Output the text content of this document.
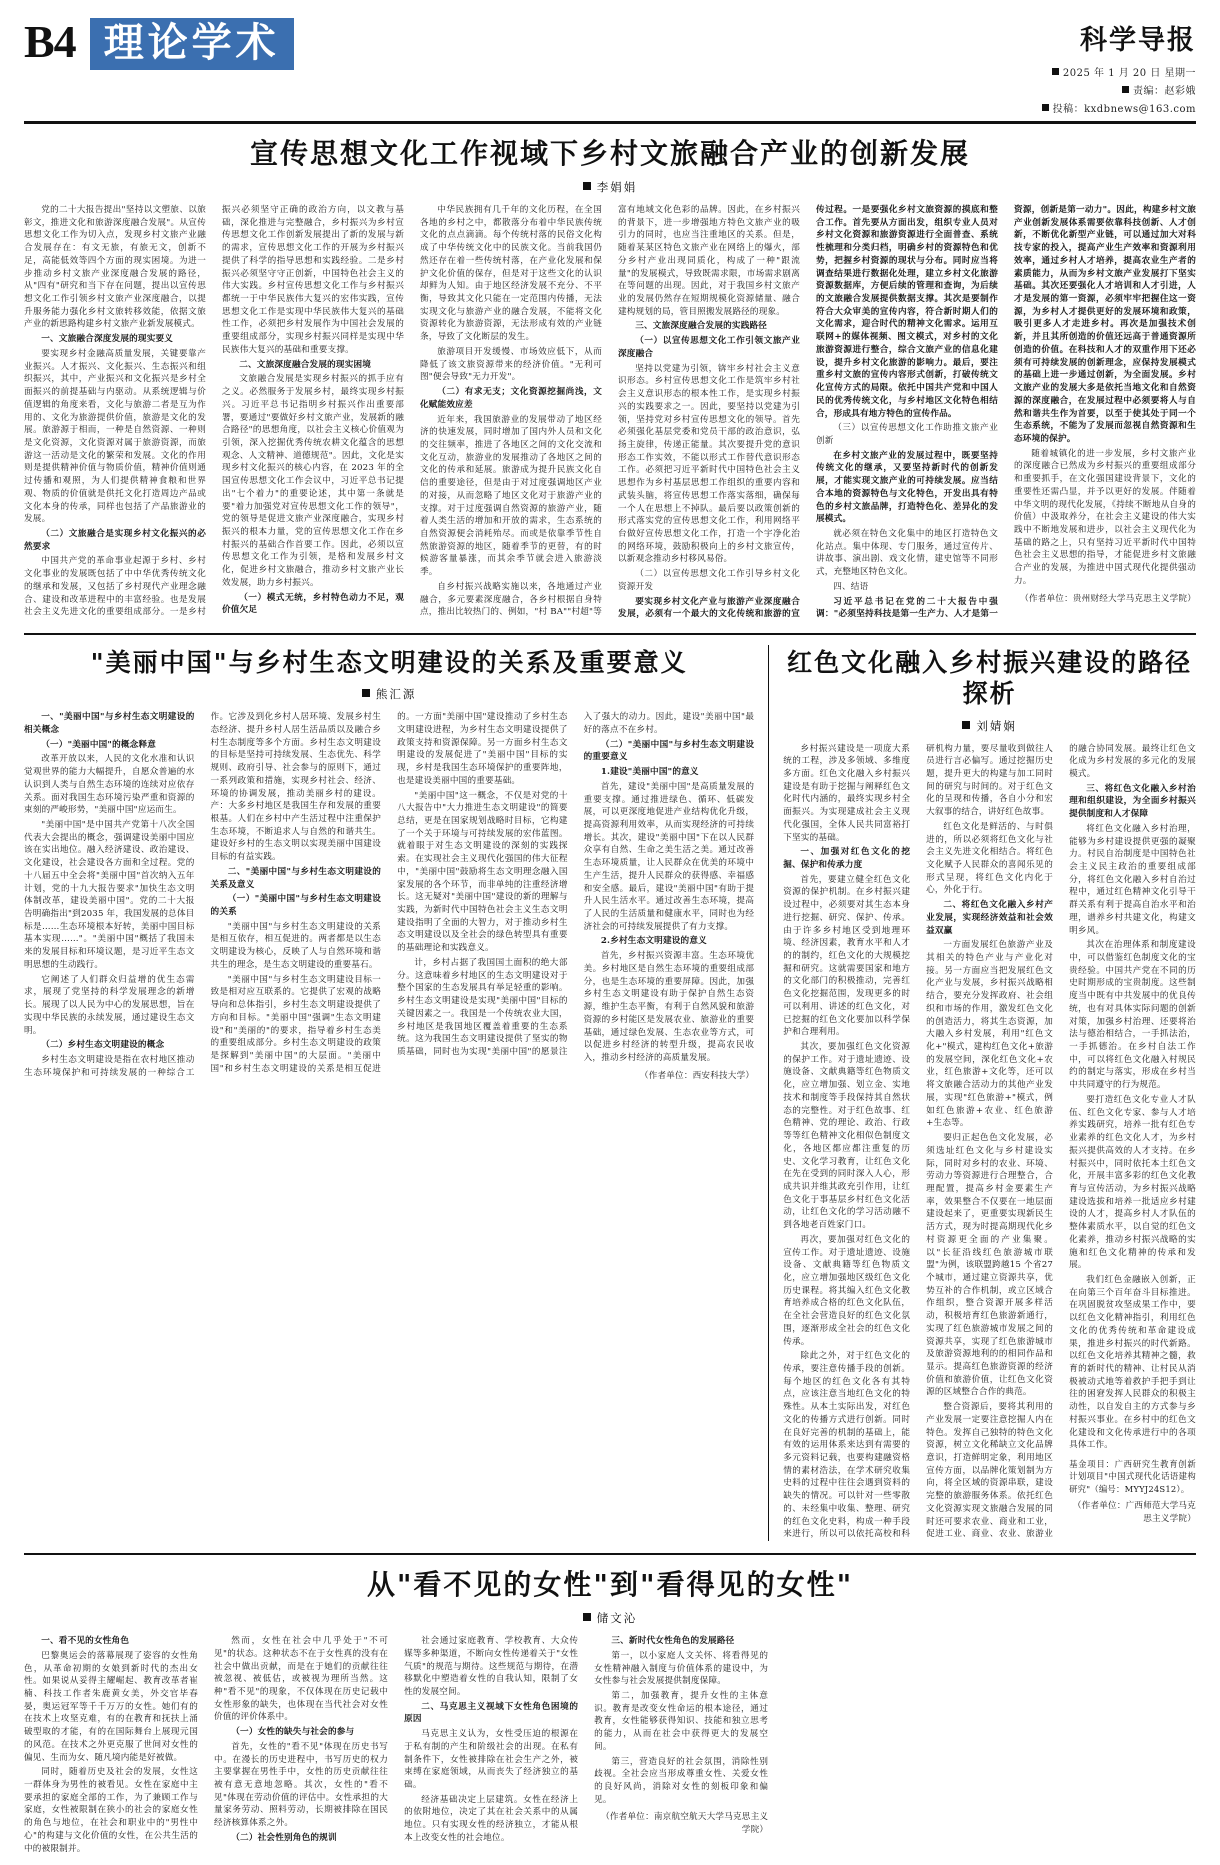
B4 理论学术	科学导报
2025 年 1 月 20 日 星期一
责编：赵彩娥
投稿：kxdbnews@163.com
宣传思想文化工作视域下乡村文旅融合产业的创新发展
李娟娟

党的二十大报告提出"坚持以文塑旅、以旅彰文，推进文化和旅游深度融合发展"。从宣传思想文化工作为切入点，发现乡村文旅产业融合发展存在：有文无旅，有旅无文，创新不足，高能低效等四个方面的现实困境。为进一步推动乡村文旅产业深度融合发展的路径，从"四有"研究和当下存在问题，提出以宣传思想文化工作引领乡村文旅产业深度融合，以提升服务能力强化乡村文旅转移效能，依据文旅产业的新思路构建乡村文旅产业新发展模式。

一、文旅融合深度发展的现实要义

要实现乡村金融高质量发展，关键要靠产业振兴。人才振兴、文化振兴、生态振兴和组织振兴，其中，产业振兴和文化振兴是乡村全面振兴的前提基础与内驱动。从系统逻辑与价值逻辑的角度来看，文化与旅游二者是互为作用的、文化为旅游提供价值，旅游是文化的发展。旅游源于相而，一种是自然资源、一种则是文化资源，文化资源对属于旅游资源，而旅游这一活动是文化的繁荣和发展。文化的作用则是提供精神价值与物质价值，精神价值则通过传播和观照，为人们提供精神食粮和世界观、物质的价值就是供托文化打造周边产品或文化本身的传承，同样也包括了产品旅游业的发展。

（二）文旅融合是实现乡村文化振兴的必然要求

中国共产党的革命事业起源于乡村、乡村文化事业的发展既包括了中中华优秀传统文化的继承和发展，又包括了乡村现代产业理念融合、建设和改革进程中的丰富经验。也是发展社会主义先进文化的重要组成部分。一是乡村振兴必须坚守正确的政治方向，以文教与基础，深化推进与完整融合，乡村振兴为乡村宣传思想文化工作创新发展提出了新的发展与新的需求，宣传思想文化工作的开展为乡村振兴提供了科学的指导思想和实践经验。二是乡村振兴必须坚守守正创新，中国特色社会主义的伟大实践。乡村宣传思想文化工作与乡村振兴都统一于中华民族伟大复兴的宏伟实践，宣传思想文化工作是实现中华民族伟大复兴的基础性工作，必须把乡村发展作为中国社会发展的重要组成部分，实现乡村振兴同样是实现中华民族伟大复兴的基础和重要支撑。

二、文旅深度融合发展的现实困境

文旅融合发展是实现乡村振兴的抓手应有之义。必然服务于发展乡村，最终实现乡村振兴。习近平总书记指明乡村振兴作出重要部署，要通过"要做好乡村文旅产业，发展新的融合路径"的思想角度，以社会主义核心价值观为引领，深入挖掘优秀传统农耕文化蕴含的思想观念、人文精神、道德规范"。因此，文化是实现乡村文化振兴的核心内容，在 2023 年的全国宣传思想文化工作会议中，习近平总书记提出"七个着力"的重要论述，其中第一条就是要"着力加强党对宣传思想文化工作的领导"，党的领导是促进文旅产业深度融合，实现乡村振兴的根本力量，党的宣传思想文化工作在乡村振兴的基础合作首要工作。因此，必须以宣传思想文化工作为引领，是格和发展乡村文化，促进乡村文旅融合，推动乡村文旅产业长效发展，助力乡村振兴。

（一）模式无统，乡村特色动力不足，观价值欠足

中华民族拥有几千年的文化历程，在全国各地的乡村之中，都散落分布着中华民族传统文化的点点滴滴。每个传统村落的民俗文化构成了中华传统文化中的民族文化。当前我国仍然还存在着一些传统村落，在产业化发展和保护文化价值的保存，但是对于这些文化的认识却鲜为人知。由于地区经济发展不充分、不平衡，导致其文化只能在一定范围内传播，无法实现文化与旅游产业的融合发展，不能将文化资源转化为旅游资源，无法形成有效的产业链条，导致了文化断层的发生。

旅游项目开发缓慢、市场效应低下，从而降低了该文旅资源带来的经济价值。"无利可图"便会导致"无力开发"。

（二）有求无支；文化资源挖掘尚浅，文化赋能效应差

近年来，我国旅游业的发展带动了地区经济的快速发展，同时增加了国内外人员和文化的交往频率，推进了各地区之间的文化交流和文化互动，旅游业的发展推动了各地区之间的文化的传承和延展。旅游成为提升民族文化自信的重要途径，但是由于对过度强调地区产业的对接，从而忽略了地区文化对于旅游产业的支撑。对于过度强调自然资源的旅游产业，随着人类生活的增加和开放的需求，生态系统的自然资源便会消耗殆尽。而或是依靠季节性自然旅游资源的地区，随着季节的更替，有的时候游客量暴涨，而其余季节就会进入旅游淡季。

自乡村振兴战略实施以来，各地通过产业融合，多元要素深度融合，各乡村根据自身特点，推出比较热门的、例如，"村 BA""村超"等富有地域文化色彩的品牌。因此，在乡村振兴的背景下，进一步增强地方特色文旅产业的吸引力的同时，也应当注重地区的关系。但是，随着某某区特色文旅产业在网络上的爆火，部分乡村产业出现同质化，构成了一种"跟流量"的发展模式，导致既需求限，市场需求剧离在等问题的出现。因此，对于我国乡村文旅产业的发展仍然存在短期规模化资源储量、融合建构规划的局，管目照搬发展路径的现象。

三、文旅深度融合发展的实践路径

（一）以宣传思想文化工作引领文旅产业深度融合

坚持以党建为引领，锛牢乡村社会主义意识形态。乡村宣传思想文化工作是筑牢乡村社会主义意识形态的根本性工作，是实现乡村振兴的实践要求之一。因此，要坚持以党建为引领，坚持党对乡村宣传思想文化的领导。首先必须强化基层党委和党员干部的政治意识，弘扬主旋律，传递正能量。其次要提升党的意识形态工作实效，不能以形式工作替代意识形态工作。必须把习近平新时代中国特色社会主义思想作为乡村基层思想工作组织的重要内容和武装头脑，将宣传思想工作落实落细，确保每一个人在思想上不掉队。最后要以政策创新的形式落实党的宣传思想文化工作，利用网络平台做好宣传思想文化工作，打造一个宇净化治的网络环境，鼓励积极向上的乡村文旅宣传，以新观念推动乡村移风易俗。

（二）以宣传思想文化工作引导乡村文化资源开发

要实现乡村文化产业与旅游产业深度融合发展，必须有一个最大的文化传统和旅游的宣传过程。一是要强化乡村文旅资源的摸底和整合工作。首先要从方面出发，组织专业人员对乡村文化资源和旅游资源进行全面普查、系统性梳理和分类归档，明确乡村的资源特色和优势，把握乡村资源的现状与分布。同时应当将调查结果进行数据化处理，建立乡村文化旅游资源数据库，方便后续的管理和查询，为后续的文旅融合发展提供数据支撑。其次是要制作符合大众审美的宣传内容，符合新时期人们的文化需求，迎合时代的精神文化需求。运用互联网+的媒体视频、图文模式，对乡村的文化旅游资源进行整合，综合文旅产业的信息化建设，提升乡村文化旅游的影响力。最后，要注重乡村文旅的宣传内容形式创新，打破传统文化宣传方式的局限。依托中国共产党和中国人民的优秀传统文化，与乡村地区文化特色相结合，形成具有地方特色的宣传作品。

（三）以宣传思想文化工作助推文旅产业创新

在乡村文旅产业的发展过程中，既要坚持传统文化的继承，又要坚持新时代的创新发展，才能实现文旅产业的可持续发展。应当结合本地的资源特色与文化特色，开发出具有特色的乡村文旅品牌，打造特色化、差异化的发展模式。

就必须在特色文化集中的地区打造特色文化站点。集中体现、专门服务，通过宣传片、讲故事、演出剧、戏文化情，建史馆等不同形式，充整地区特色文化。

四、结语

习近平总书记在党的二十大报告中强调："必须坚持科技是第一生产力、人才是第一资源，创新是第一动力"。因此，构建乡村文旅产业创新发展体系需要依靠科技创新、人才创新，不断优化新型产业链，可以通过加大对科技专家的投入，提高产业生产效率和资源利用效率，通过乡村人才培养，提高农业生产者的素质能力，从而为乡村文旅产业发展打下坚实基础。其次还要强化人才培训和人才引进，人才是发展的第一资源，必须牢牢把握住这一资源，为乡村人才提供更好的发展环境和政策，吸引更多人才走进乡村。再次是加强技术创新，并且其所创造的价值还远高于普通资源所创造的价值。在科技和人才的双重作用下还必须有可持续发展的创新理念，应保持发展模式的基础上进一步通过创新，为全面发展。乡村文旅产业的发展大多是依托当地文化和自然资源的深度融合，在发展过程中必须要将人与自然和谐共生作为首要，以至于使其处于同一个生态系统，不能为了发展而忽视自然资源和生态环境的保护。

随着城镇化的进一步发展，乡村文旅产业的深度融合已然成为乡村振兴的重要组成部分和重要抓手，在文化强国建设背景下，文化的重要性还需凸显，并予以更好的发展。伴随着中华文明的现代化发展，《持续不断地从自身的价值）中汲取养分，在社会主义建设的伟大实践中不断地发展和进步，以社会主义现代化为基础的路之上，只有坚持习近平新时代中国特色社会主义思想的指导，才能促进乡村文旅融合产业的发展，为推进中国式现代化提供强动力。

（作者单位：贵州财经大学马克思主义学院）

"美丽中国"与乡村生态文明建设的关系及重要意义
熊汇源

一、"美丽中国"与乡村生态文明建设的相关概念

（一）"美丽中国"的概念释意

改革开放以来，人民的文化水准和认识觉观世界的能力大幅提升，自愿众普遍的水认识到人类与自然生态环境的连续对应依存关系。面对我国生态环境污染严重和资源的束刻的严峻形势，"美丽中国"应运而生。

"美丽中国"是中国共产党第十八次全国代表大会提出的概念，强调建设美丽中国应该在实出地位。融入经济建设、政治建设、文化建设，社会建设各方面和全过程。党的十八届五中全会将"美丽中国"首次纳入五年计划，党的十九大报告要求"加快生态文明体制改革，建设美丽中国"。党的二十大报告明确指出"到2035 年，我国发展的总体目标是……生态环境根本好转，美丽中国目标基本实现……"。"美丽中国"概括了我国未来的发展目标和环境议题，是习近平生态文明思想的生动践行。

它阐述了人们群众归益增的优生态需求，展现了党坚持的科学发展理念的新增长。展现了以人民为中心的发展思想，旨在实现中华民族的永续发展，通过建设生态文明。

（二）乡村生态文明建设的概念

乡村生态文明建设是指在农村地区推动生态环境保护和可持续发展的一种综合工作。它涉及到化乡村人居环境、发展乡村生态经济、提升乡村人居生活品质以及融合乡村生态制度等多个方面。乡村生态文明建设的目标是坚持可持续发展、生态优先、科学规则、政府引导、社会参与的原则下，通过一系列政策和措施，实现乡村社会、经济、环境的协调发展，推动美丽乡村的建设。产：大多乡村地区是我国生存和发展的重要根基。人们在乡村中产生活过程中注重保护生态环境，不断追求人与自然的和谐共生。建设好乡村的生态文明以实现美丽中国建设目标的有益实践。

二、"美丽中国"与乡村生态文明建设的关系及意义

（一）"美丽中国"与乡村生态文明建设的关系

"美丽中国"与乡村生态文明建设的关系是相互依存，相互促进的。两者都是以生态文明建设为核心，反映了人与自然环境和谐共生的理念，是生态文明建设的重要基石。

"美丽中国"与乡村生态文明建设目标一致是相对应互联系的。它提供了宏观的战略导向和总体指引，乡村生态文明建设提供了方向和目标。"美丽中国"强调"生态文明建设"和"美丽的"的要求，指导着乡村生态美的重要组成部分。乡村生态文明建设的政策是探解到"美丽中国"的大层面。"美丽中国"和乡村生态文明建设的关系是相互促进的。一方面"美丽中国"建设推动了乡村生态文明建设进程，为乡村生态文明建设提供了政策支持和资源保障。另一方面乡村生态文明建设的发展促进了"美丽中国"目标的实现，乡村是我国生态环境保护的重要阵地，也是建设美丽中国的重要基础。

"美丽中国"这一概念，不仅是对党的十八大报告中"大力推进生态文明建设"的简要总结，更是在国家规划战略时目标，它构建了一个关于环境与可持续发展的宏伟蓝图。就着眼于对生态文明建设的深刻的实践探索。在实现社会主义现代化强国的伟大征程中，"美丽中国"鼓励将生态文明理念融入国家发展的各个环节，而非单纯的注重经济增长。这无疑对"美丽中国"建设的新的理解与实践，为新时代中国特色社会主义生态文明建设指明了全面的大智力，对于推动乡村生态文明建设以及全社会的绿色转型具有重要的基础理论和实践意义。

计，乡村占据了我国国土面积的绝大部分。这意味着乡村地区的生态文明建设对于整个国家的生态发展具有举足轻重的影响。乡村生态文明建设是实现"美丽中国"目标的关键因素之一。我国是一个传统农业大国，乡村地区是我国地区覆盖着重要的生态系统。这为我国生态文明建设提供了坚实的物质基础，同时也为实现"美丽中国"的愿景注入了强大的动力。因此，建设"美丽中国"最好的落点不在乡村。

（二）"美丽中国"与乡村生态文明建设的重要意义

1.建设"美丽中国"的意义

首先，建设"美丽中国"是高质量发展的重要支撑。通过推进绿色、循环、低碳发展，可以更深度地促进产业结构优化升级，提高资源利用效率，从而实现经济的可持续增长。其次，建设"美丽中国"下在以人民群众享有自然、生命之美生活之美。通过改善生态环境质量，让人民群众在优美的环境中生产生活，提升人民群众的获得感、幸福感和安全感。最后，建设"美丽中国"有助于提升人民生活水平。通过改善生态环境，提高了人民的生活质量和健康水平，同时也为经济社会的可持续发展提供了有力支撑。

2.乡村生态文明建设的意义

首先，乡村振兴资源丰富。生态环境优美。乡村地区是自然生态环境的重要组成部分，也是生态环境的重要屏障。因此，加强乡村生态文明建设有助于保护自然生态资源，维护生态平衡，有利于自然风貌和旅游资源的乡村能区是发展农业、旅游业的重要基础，通过绿色发展、生态农业等方式，可以促进乡村经济的转型升级，提高农民收入，推动乡村经济的高质量发展。

（作者单位：西安科技大学）

红色文化融入乡村振兴建设的路径探析
刘婧娴

乡村振兴建设是一项庞大系统的工程，涉及多领域、多维度多方面。红色文化融入乡村振兴建设是有助于挖掘与阐释红色文化时代内涵的，最终实现乡村全面振兴。为实现建成社会主义现代化强国，全体人民共同富裕打下坚实的基础。

一、加强对红色文化的挖掘、保护和传承力度

首先，要建立健全红色文化资源的保护机制。在乡村振兴建设过程中，必须要对其生态本身进行挖掘、研究、保护、传承。由于许多乡村地区受到地理环境、经济因素，教育水平和人才的的制约，红色文化的大规模挖掘和研究。这就需要国家和地方的文化部门的积极推动，完善红色文化挖掘范围，发现更多的时可以利用、讲述的红色文化，对已挖掘的红色文化要加以科学保护和合理利用。

其次，要加强红色文化资源的保护工作。对于遗址遗迹、设施设备、文献典籍等红色物质文化，应立增加强、划立金、实地技术和制度等手段保持其自然状态的完整性。对于红色故事、红色精神、党的理论、政治、行政等等红色精神文化相似色制度文化，各地区都应都注重复的历史、文化学习教育，让红色文化在先在受到的同时深入人心，形成共识并维其政充引作用，让红色文化于事基层乡村红色文化活动，让红色文化的学习活动融不到各地老百姓家门口。

再次，要加强对红色文化的宣传工作。对于遗址遗迹、设施设备、文献典籍等红色物质文化，应立增加强地区级红色文化历史课程。将其编入红色文化教育培养成合格的红色文化队伍，在全社会营造良好的红色文化氛围，逐渐形成全社会的红色文化传承。

除此之外，对于红色文化的传承，要注意传播手段的创新。每个地区的红色文化各有其特点，应该注意当地红色文化的特殊性。从本土实际出发，对红色文化的传播方式进行创新。同时在良好完善的机制的基础上，能有效的运用体系来达到有需要的多元资料记载，也要构建融资格情的素材浩法，在学术研究收集史料的过程中往往会遇到资料的缺失的情况。可以针对一些零散的、未经集中收集、整理、研究的红色文化史料，构成一种手段来进行，所以可以依托高校和科研机构力量，要尽量收到做往人员进行言必偏写。通过挖掘历史题，提升更大的构建与加工同时间的研究与时间的。对于红色文化的呈现和传播，各自小分和宏大叙事的结合，讲好红色故事。

红色文化是鲜活的、与时俱进的，所以必须将红色文化与社会主义先进文化相结合。将红色文化赋予人民群众的喜闻乐见的形式呈现，将红色文化内化于心，外化于行。

二、将红色文化融入乡村产业发展，实现经济效益和社会效益双赢

一方面发展红色旅游产业及其相关的特色产业与产业化对接。另一方面应当把发展红色文化产业与发展，乡村振兴战略相结合，要充分发挥政府、社会组织和市场的作用，激发红色文化的创造活力，将其生态资源，加大融入乡村发展，利用"红色文化+"模式，建构红色文化+旅游的发展空间，深化红色文化+农业，红色旅游+文化等，还可以将文旅融合活动力的其他产业发展，实现"红色旅游+"模式，例如红色旅游+农业、红色旅游+生态等。

要归正起色色文化发展，必须选址红色文化与乡村建设实际，同时对乡村的农业、环境、劳动力等资源进行合理整合，合理配置，提高乡村金要素生产率，效果整合不仅要在一地层面建设起来了，更重要实现新民生活方式，现为时提高期现代化乡村资源更全面的产业集聚。以"长征沿线红色旅游城市联盟"为例，该联盟跨越15 个省27 个城市，通过建立资源共享，优势互补的合作机制，或立区域合作组织，整合资源开展多样活动，积极培育红色旅游新通行，实现了红色旅游城市发展之间的资源共享，实现了红色旅游城市及旅游资源地利的的相同作品和显示。提高红色旅游资源的经济价值和旅游价值，让红色文化资源的区域整合合作的典范。

整合资源后，要将其利用的产业发展一定要注意挖掘人内在特色。发挥自己独特的特色文化资源，树立文化稀缺立文化品牌意识，打造鲜明定象，利用地区宣传方面，以品牌化策划制为方向，将全区域的资源串联，建设完整的旅游服务体系。依托红色文化资源实现文旅融合发展的同时还可要求农业、商业和工业，促进工业、商业、农业、旅游业的融合协同发展。最终让红色文化成为乡村发展的多元化的发展模式。

三、将红色文化融入乡村治理和组织建设，为全面乡村振兴提供制度和人才保障

将红色文化融入乡村治理，能够为乡村建设提供更强的凝聚力。村民自治制度是中国特色社会主义民主政治的重要组成部分，将红色文化融入乡村自治过程中，通过红色精神文化引导干群关系有利于提高自治水平和治理，谱养乡村共建文化，构建文明乡风。

其次在治理体系和制度建设中，可以借鉴红色制度文化的宝贵经验。中国共产党在不同的历史时期形成的宝贵制度。这些制度当中既有中共发展中的优良传统，也有对具体实际问题的创新对策，加强乡村治理、还要将治法与德治相结合，一手抓法治，一手抓德治。在乡村自法工作中，可以将红色文化融入村规民约的制定与落实，形成在乡村当中共同遵守的行为规范。

要打造红色文化专业人才队伍、红色文化专家、参与人才培养实践研究，培养一批有红色专业素养的红色文化人才，为乡村振兴提供高效的人才支持。在乡村振兴中，同时依托本土红色文化，开展丰富多彩的红色文化教育与宣传活动，为乡村振兴战略建设选拔和培养一批适应乡村建设的人才，提高乡村人才队伍的整体素质水平，以自觉的红色文化素养，推动乡村振兴战略的实施和红色文化精神的传承和发展。

我们红色金融嵌入创新，正在向第三个百年奋斗目标推进。在巩固脱贫攻坚成果工作中，要以红色文化精神指引，利用红色文化的优秀传统和革命建设成果，推进乡村振兴的时代新路。以红色文化培养其精神之髓，救育的新时代的精神、让村民从消极被动式地等着救护手把手到让往的困窘发挥人民群众的积极主动性，以自发自主的方式参与乡村振兴事业。在乡村中的红色文化建设和文化传承进行中的各项具体工作。

基金项目：广西研究生教育创新计划项目"中国式现代化话语建构研究"（编号：MYYJ24S12）。

（作者单位：广西师范大学马克思主义学院）

从"看不见的女性"到"看得见的女性"
储文沁

一、看不见的女性角色

巴黎奥运会的落幕展现了姿容的女性角色，从革命初期的女娘到新时代的杰出女性。如果说从妥得主耀崛起、教育改革者崔楠、科技工作者朱鹿黄女美，外交官毕春晏，奥运冠军等千千万万的女性。她们有的在技术上攻坚克难，有的在教育和抚扶上涌破型取的才能，有的在国际舞台上展现元国的风范。在技术之外更克服了世间对女性的偏见、生而为女、随凡境内能是好被做。

同时，随着历史及社会的发展，女性这一群体身为男性的被看见。女性在家庭中主要承担的家庭全部的工作，为了兼顾工作与家庭，女性被限制在狭小的社会的家庭女性的角色与地位，在社会和职业中的"男性中心"的构建与文化价值的女性，在公共生活的中的被限制并。

然而，女性在社会中几乎处于"不可见"的状态。这种状态不在于女性真的没有在社会中做出贡献，而是在于她们的贡献往往被忽视、被低估，或被视为理所当然。这种"看不见"的现象，不仅体现在历史记载中女性形象的缺失，也体现在当代社会对女性价值的评价体系中。

（一）女性的缺失与社会的参与

首先，女性的"看不见"体现在历史书写中。在漫长的历史进程中，书写历史的权力主要掌握在男性手中，女性的历史贡献往往被有意无意地忽略。其次，女性的"看不见"体现在劳动价值的评估中。女性承担的大量家务劳动、照料劳动，长期被排除在国民经济核算体系之外。

（二）社会性别角色的规训

社会通过家庭教育、学校教育、大众传媒等多种渠道，不断向女性传递着关于"女性气质"的规范与期待。这些规范与期待，在潜移默化中塑造着女性的自我认知，限制了女性的发展空间。

二、马克思主义视域下女性角色困境的原因

马克思主义认为，女性受压迫的根源在于私有制的产生和阶级社会的出现。在私有制条件下，女性被排除在社会生产之外，被束缚在家庭领域，从而丧失了经济独立的基础。

经济基础决定上层建筑。女性在经济上的依附地位，决定了其在社会关系中的从属地位。只有实现女性的经济独立，才能从根本上改变女性的社会地位。

三、新时代女性角色的发展路径

第一，以小家庭人文关怀、将看得见的女性精神融入制度与价值体系的建设中，为女性参与社会发展提供制度保障。

第二，加强教育，提升女性的主体意识。教育是改变女性命运的根本途径，通过教育，女性能够获得知识、技能和独立思考的能力，从而在社会中获得更大的发展空间。

第三，营造良好的社会氛围，消除性别歧视。全社会应当形成尊重女性、关爱女性的良好风尚，消除对女性的刻板印象和偏见。

（作者单位：南京航空航天大学马克思主义学院）
